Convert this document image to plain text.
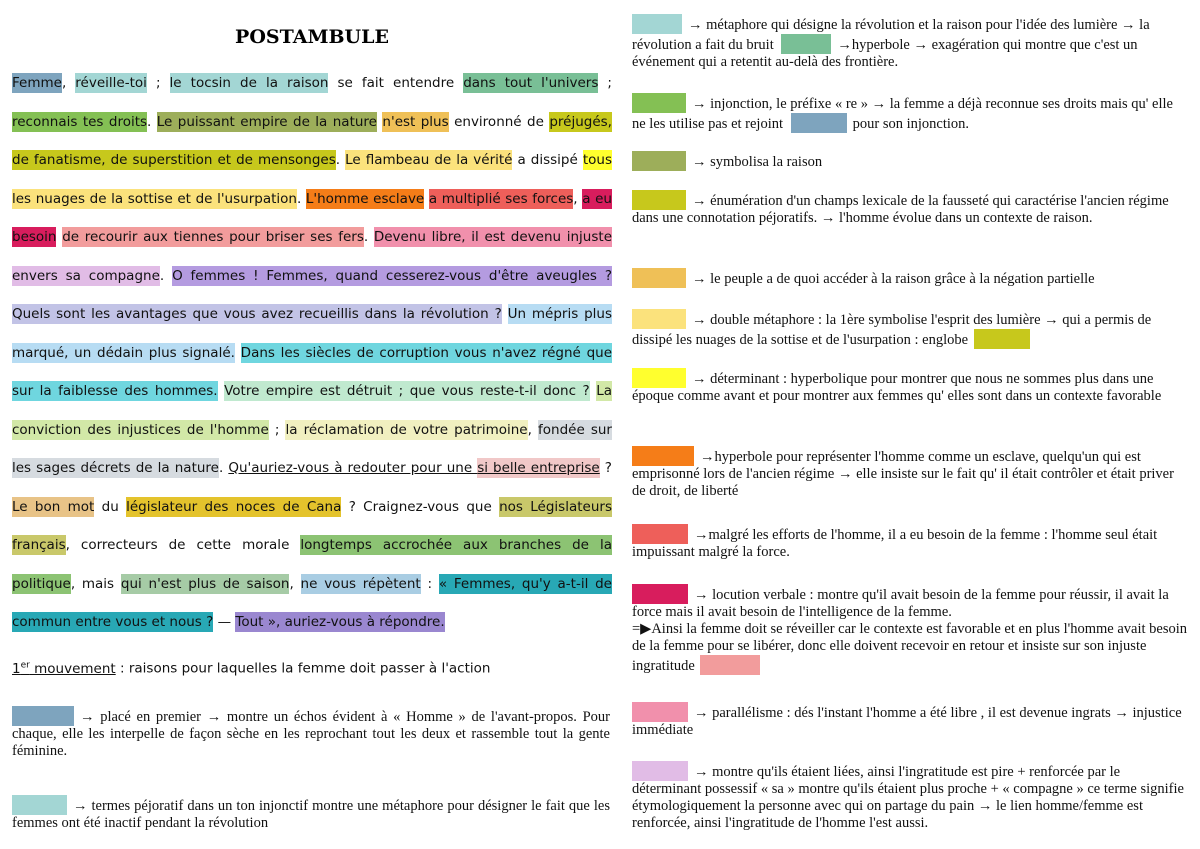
POSTAMBULE

Femme, réveille-toi ; le tocsin de la raison se fait entendre dans tout l'univers ; reconnais tes droits. Le puissant empire de la nature n'est plus environné de préjugés, de fanatisme, de superstition et de mensonges. Le flambeau de la vérité a dissipé tous les nuages de la sottise et de l'usurpation. L'homme esclave a multiplié ses forces, a eu besoin de recourir aux tiennes pour briser ses fers. Devenu libre, il est devenu injuste envers sa compagne. O femmes ! Femmes, quand cesserez-vous d'être aveugles ? Quels sont les avantages que vous avez recueillis dans la révolution ? Un mépris plus marqué, un dédain plus signalé. Dans les siècles de corruption vous n'avez régné que sur la faiblesse des hommes. Votre empire est détruit ; que vous reste-t-il donc ? La conviction des injustices de l'homme ; la réclamation de votre patrimoine, fondée sur les sages décrets de la nature. Qu'auriez-vous à redouter pour une si belle entreprise ? Le bon mot du législateur des noces de Cana ? Craignez-vous que nos Législateurs français, correcteurs de cette morale longtemps accrochée aux branches de la politique, mais qui n'est plus de saison, ne vous répètent : « Femmes, qu'y a-t-il de commun entre vous et nous ? — Tout », auriez-vous à répondre.

1er mouvement : raisons pour laquelles la femme doit passer à l'action
→ placé en premier → montre un échos évident à « Homme » de l'avant-propos. Pour chaque, elle les interpelle de façon sèche en les reprochant tout les deux et rassemble tout la gente féminine.
→ termes péjoratif dans un ton injonctif montre une métaphore pour désigner le fait que les femmes ont été inactif pendant la révolution
→ métaphore qui désigne la révolution et la raison pour l'idée des lumière → la révolution a fait du bruit	→hyperbole → exagération qui montre que c'est un événement qui a retentit au-delà des frontière.
→ injonction, le préfixe « re » → la femme a déjà reconnue ses droits mais qu' elle ne les utilise pas et rejoint	pour son injonction.
→ symbolisa la raison
→ énumération d'un champs lexicale de la fausseté qui caractérise l'ancien régime dans une connotation péjoratifs. → l'homme évolue dans un contexte de raison.
→ le peuple a de quoi accéder à la raison grâce à la négation partielle
→ double métaphore : la 1ère symbolise l'esprit des lumière → qui a permis de dissipé les nuages de la sottise et de l'usurpation : englobe
→ déterminant : hyperbolique pour montrer que nous ne sommes plus dans une époque comme avant et pour montrer aux femmes qu' elles sont dans un contexte favorable
→hyperbole pour représenter l'homme comme un esclave, quelqu'un qui est emprisonné lors de l'ancien régime → elle insiste sur le fait qu' il était contrôler et était priver de droit, de liberté
→malgré les efforts de l'homme, il a eu besoin de la femme : l'homme seul était impuissant malgré la force.
→ locution verbale : montre qu'il avait besoin de la femme pour réussir, il avait la force mais il avait besoin de l'intelligence de la femme.
=▶Ainsi la femme doit se réveiller car le contexte est favorable et en plus l'homme avait besoin de la femme pour se libérer, donc elle doivent recevoir en retour et insiste sur son injuste ingratitude
→ parallélisme : dés l'instant l'homme a été libre , il est devenue ingrats → injustice immédiate
→ montre qu'ils étaient liées, ainsi l'ingratitude est pire + renforcée par le déterminant possessif « sa » montre qu'ils étaient plus proche + « compagne » ce terme signifie étymologiquement la personne avec qui on partage du pain → le lien homme/femme est renforcée, ainsi l'ingratitude de l'homme l'est aussi.
